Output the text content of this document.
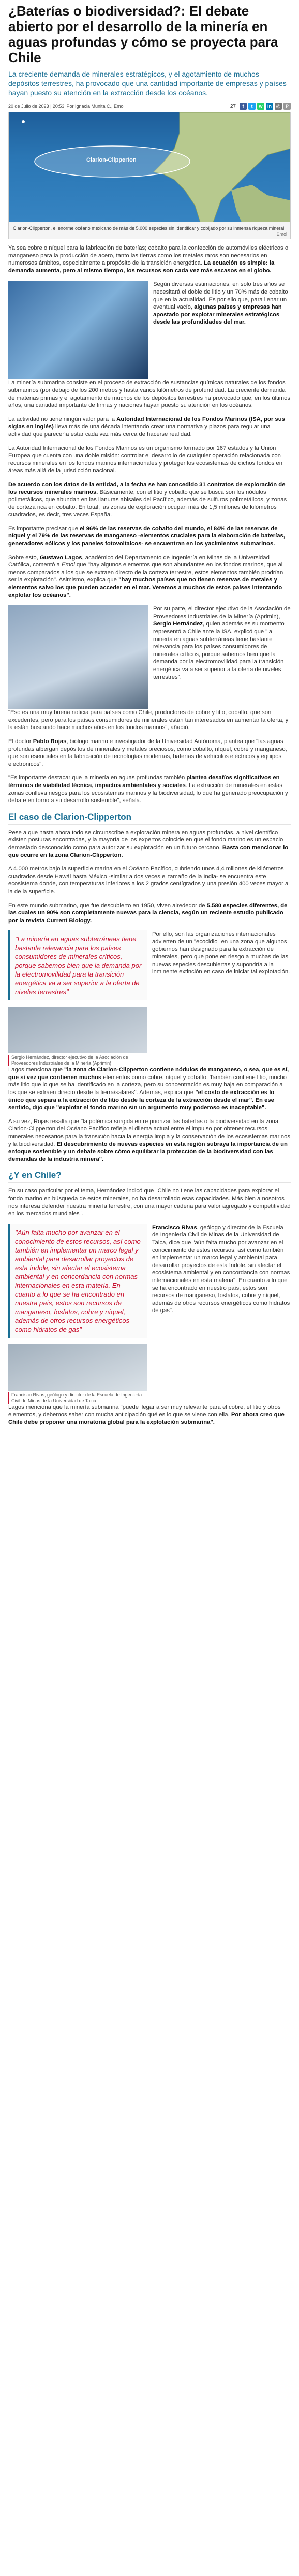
¿Baterías o biodiversidad?: El debate abierto por el desarrollo de la minería en aguas profundas y cómo se proyecta para Chile
La creciente demanda de minerales estratégicos, y el agotamiento de muchos depósitos terrestres, ha provocado que una cantidad importante de empresas y países hayan puesto su atención en la extracción desde los océanos.
20 de Julio de 2023 | 20:53 Por Ignacia Munita C., Emol	27	f	t	w	in @	P
Clarion-Clipperton
Clarion-Clipperton, el enorme océano mexicano de más de 5.000 especies sin identificar y cobijado por su inmensa riqueza mineral.
Emol

Ya sea cobre o níquel para la fabricación de baterías; cobalto para la confección de automóviles eléctricos o manganeso para la producción de acero, tanto las tierras como los metales raros son necesarios en numerosos ámbitos, especialmente a propósito de la transición energética. La ecuación es simple: la demanda aumenta, pero al mismo tiempo, los recursos son cada vez más escasos en el globo.

Según diversas estimaciones, en solo tres años se necesitará el doble de litio y un 70% más de cobalto que en la actualidad. Es por ello que, para llenar un eventual vacío, algunas países y empresas han apostado por explotar minerales estratégicos desde las profundidades del mar.

La minería submarina consiste en el proceso de extracción de sustancias químicas naturales de los fondos submarinos (por debajo de los 200 metros y hasta varios kilómetros de profundidad. La creciente demanda de materias primas y el agotamiento de muchos de los depósitos terrestres ha provocado que, en los últimos años, una cantidad importante de firmas y naciones hayan puesto su atención en los océanos.

La actividad no tiene ningún valor para la Autoridad Internacional de los Fondos Marinos (ISA, por sus siglas en inglés) lleva más de una década intentando crear una normativa y plazos para regular una actividad que parecería estar cada vez más cerca de hacerse realidad.

La Autoridad Internacional de los Fondos Marinos es un organismo formado por 167 estados y la Unión Europea que cuenta con una doble misión: controlar el desarrollo de cualquier operación relacionada con recursos minerales en los fondos marinos internacionales y proteger los ecosistemas de dichos fondos en áreas más allá de la jurisdicción nacional.

De acuerdo con los datos de la entidad, a la fecha se han concedido 31 contratos de exploración de los recursos minerales marinos. Básicamente, con el litio y cobalto que se busca son los nódulos polimetálicos, que abundan en las llanuras abisales del Pacífico, además de sulfuros polimetálicos, y zonas de corteza rica en cobalto. En total, las zonas de exploración ocupan más de 1,5 millones de kilómetros cuadrados, es decir, tres veces España.

Es importante precisar que el 96% de las reservas de cobalto del mundo, el 84% de las reservas de níquel y el 79% de las reservas de manganeso -elementos cruciales para la elaboración de baterías, generadores eólicos y los paneles fotovoltaicos- se encuentran en los yacimientos submarinos.

Sobre esto, Gustavo Lagos, académico del Departamento de Ingeniería en Minas de la Universidad Católica, comentó a Emol que "hay algunos elementos que son abundantes en los fondos marinos, que al menos comparados a los que se extraen directo de la corteza terrestre, estos elementos también prodrían ser la explotación". Asimismo, explica que "hay muchos países que no tienen reservas de metales y elementos salvo los que pueden acceder en el mar. Veremos a muchos de estos países intentando explotar los océanos".

Por su parte, el director ejecutivo de la Asociación de Proveedores Industriales de la Minería (Aprimin), Sergio Hernández, quien además es su momento representó a Chile ante la ISA, explicó que "la minería en aguas subterráneas tiene bastante relevancia para los países consumidores de minerales críticos, porque sabemos bien que la demanda por la electromovilidad para la transición energética va a ser superior a la oferta de niveles terrestres".

"Eso es una muy buena noticia para países como Chile, productores de cobre y litio, cobalto, que son excedentes, pero para los países consumidores de minerales están tan interesados en aumentar la oferta, y la están buscando hace muchos años en los fondos marinos", añadió.

El doctor Pablo Rojas, biólogo marino e investigador de la Universidad Autónoma, plantea que "las aguas profundas albergan depósitos de minerales y metales preciosos, como cobalto, níquel, cobre y manganeso, que son esenciales en la fabricación de tecnologías modernas, baterías de vehículos eléctricos y equipos electrónicos".

"Es importante destacar que la minería en aguas profundas también plantea desafíos significativos en términos de viabilidad técnica, impactos ambientales y sociales. La extracción de minerales en estas zonas conlleva riesgos para los ecosistemas marinos y la biodiversidad, lo que ha generado preocupación y debate en torno a su desarrollo sostenible", señala.

El caso de Clarion-Clipperton

Pese a que hasta ahora todo se circunscribe a exploración minera en aguas profundas, a nivel científico existen posturas encontradas, y la mayoría de los expertos coincide en que el fondo marino es un espacio demasiado desconocido como para autorizar su explotación en un futuro cercano. Basta con mencionar lo que ocurre en la zona Clarion-Clipperton.

A 4.000 metros bajo la superficie marina en el Océano Pacífico, cubriendo unos 4,4 millones de kilómetros cuadrados desde Hawái hasta México -similar a dos veces el tamaño de la India- se encuentra este ecosistema donde, con temperaturas inferiores a los 2 grados centígrados y una presión 400 veces mayor a la de la superficie.

En este mundo submarino, que fue descubierto en 1950, viven alrededor de 5.580 especies diferentes, de las cuales un 90% son completamente nuevas para la ciencia, según un reciente estudio publicado por la revista Current Biology.

"La minería en aguas subterráneas tiene bastante relevancia para los países consumidores de minerales críticos, porque sabemos bien que la demanda por la electromovilidad para la transición energética va a ser superior a la oferta de niveles terrestres"
Sergio Hernández, director ejecutivo de la Asociación de Proveedores Industriales de la Minería (Aprimin)

Por ello, son las organizaciones internacionales advierten de un "ecocidio" en una zona que algunos gobiernos han designado para la extracción de minerales, pero que pone en riesgo a muchas de las nuevas especies descubiertas y supondría a la inminente extinción en caso de iniciar tal explotación.

Lagos menciona que "la zona de Clarion-Clipperton contiene nódulos de manganeso, o sea, que es sí, que sí vez que contienen muchos elementos como cobre, níquel y cobalto. También contiene litio, mucho más litio que lo que se ha identificado en la corteza, pero su concentración es muy baja en comparación a los que se extraen directo desde la tierra/salares". Además, explica que "el costo de extracción es lo único que separa a la extracción de litio desde la corteza de la extracción desde el mar". En ese sentido, dijo que "explotar el fondo marino sin un argumento muy poderoso es inaceptable".

A su vez, Rojas resalta que "la polémica surgida entre priorizar las baterías o la biodiversidad en la zona Clarion-Clipperton del Océano Pacífico refleja el dilema actual entre el impulso por obtener recursos minerales necesarios para la transición hacia la energía limpia y la conservación de los ecosistemas marinos y la biodiversidad. El descubrimiento de nuevas especies en esta región subraya la importancia de un enfoque sostenible y un debate sobre cómo equilibrar la protección de la biodiversidad con las demandas de la industria minera".

¿Y en Chile?

En su caso particular por el tema, Hernández indicó que "Chile no tiene las capacidades para explorar el fondo marino en búsqueda de estos minerales, no ha desarrollado esas capacidades. Más bien a nosotros nos interesa defender nuestra minería terrestre, con una mayor cadena para valor agregado y competitividad en los mercados mundiales".

"Aún falta mucho por avanzar en el conocimiento de estos recursos, así como también en implementar un marco legal y ambiental para desarrollar proyectos de esta índole, sin afectar el ecosistema ambiental y en concordancia con normas internacionales en esta materia. En cuanto a lo que se ha encontrado en nuestra país, estos son recursos de manganeso, fosfatos, cobre y níquel, además de otros recursos energéticos como hidratos de gas"
Francisco Rivas, geólogo y director de la Escuela de Ingeniería Civil de Minas de la Universidad de Talca

Francisco Rivas, geólogo y director de la Escuela de Ingeniería Civil de Minas de la Universidad de Talca, dice que "aún falta mucho por avanzar en el conocimiento de estos recursos, así como también en implementar un marco legal y ambiental para desarrollar proyectos de esta índole, sin afectar el ecosistema ambiental y en concordancia con normas internacionales en esta materia". En cuanto a lo que se ha encontrado en nuestro país, estos son recursos de manganeso, fosfatos, cobre y níquel, además de otros recursos energéticos como hidratos de gas".

Lagos menciona que la minería submarina "puede llegar a ser muy relevante para el cobre, el litio y otros elementos, y debemos saber con mucha anticipación qué es lo que se viene con ella. Por ahora creo que Chile debe proponer una moratoria global para la explotación submarina".
